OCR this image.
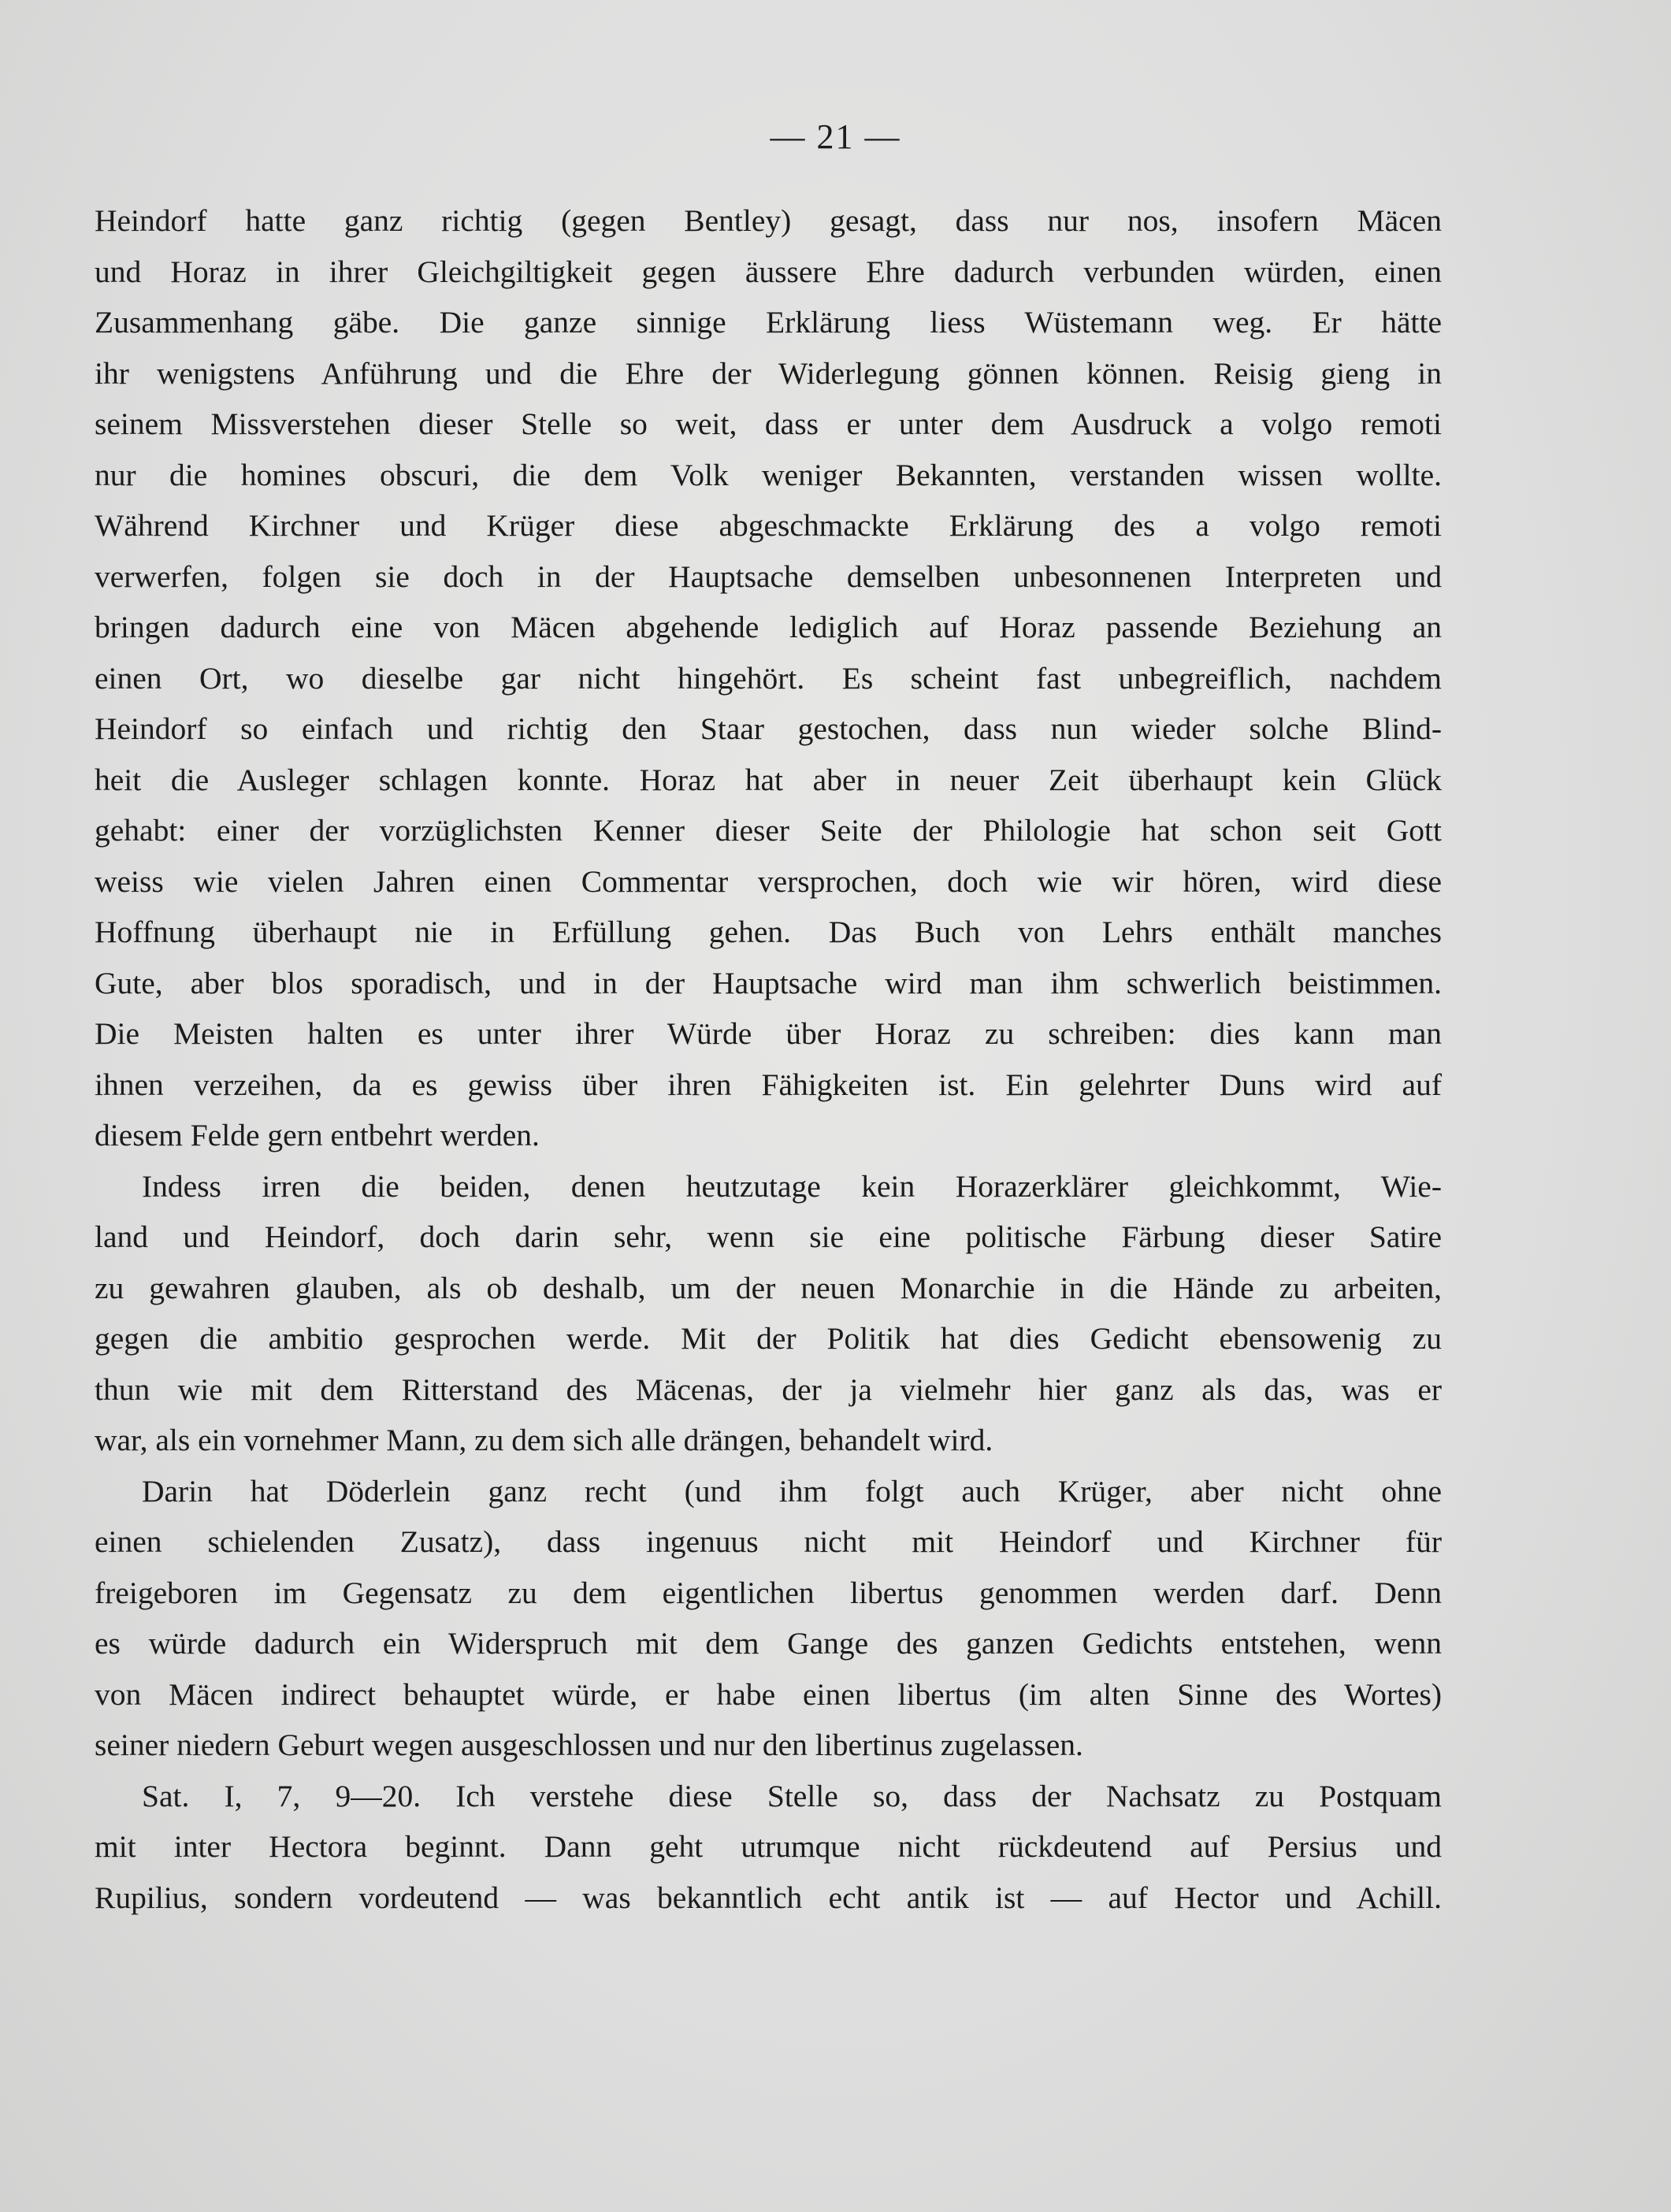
— 21 —
Heindorf hatte ganz richtig (gegen Bentley) gesagt, dass nur nos, insofern Mäcen
und Horaz in ihrer Gleichgiltigkeit gegen äussere Ehre dadurch verbunden würden, einen
Zusammenhang gäbe. Die ganze sinnige Erklärung liess Wüstemann weg. Er hätte
ihr wenigstens Anführung und die Ehre der Widerlegung gönnen können. Reisig gieng in
seinem Missverstehen dieser Stelle so weit, dass er unter dem Ausdruck a volgo remoti
nur die homines obscuri, die dem Volk weniger Bekannten, verstanden wissen wollte.
Während Kirchner und Krüger diese abgeschmackte Erklärung des a volgo remoti
verwerfen, folgen sie doch in der Hauptsache demselben unbesonnenen Interpreten und
bringen dadurch eine von Mäcen abgehende lediglich auf Horaz passende Beziehung an
einen Ort, wo dieselbe gar nicht hingehört. Es scheint fast unbegreiflich, nachdem
Heindorf so einfach und richtig den Staar gestochen, dass nun wieder solche Blind-
heit die Ausleger schlagen konnte. Horaz hat aber in neuer Zeit überhaupt kein Glück
gehabt: einer der vorzüglichsten Kenner dieser Seite der Philologie hat schon seit Gott
weiss wie vielen Jahren einen Commentar versprochen, doch wie wir hören, wird diese
Hoffnung überhaupt nie in Erfüllung gehen. Das Buch von Lehrs enthält manches
Gute, aber blos sporadisch, und in der Hauptsache wird man ihm schwerlich beistimmen.
Die Meisten halten es unter ihrer Würde über Horaz zu schreiben: dies kann man
ihnen verzeihen, da es gewiss über ihren Fähigkeiten ist. Ein gelehrter Duns wird auf
diesem Felde gern entbehrt werden.
Indess irren die beiden, denen heutzutage kein Horazerklärer gleichkommt, Wie-
land und Heindorf, doch darin sehr, wenn sie eine politische Färbung dieser Satire
zu gewahren glauben, als ob deshalb, um der neuen Monarchie in die Hände zu arbeiten,
gegen die ambitio gesprochen werde. Mit der Politik hat dies Gedicht ebensowenig zu
thun wie mit dem Ritterstand des Mäcenas, der ja vielmehr hier ganz als das, was er
war, als ein vornehmer Mann, zu dem sich alle drängen, behandelt wird.
Darin hat Döderlein ganz recht (und ihm folgt auch Krüger, aber nicht ohne
einen schielenden Zusatz), dass ingenuus nicht mit Heindorf und Kirchner für
freigeboren im Gegensatz zu dem eigentlichen libertus genommen werden darf. Denn
es würde dadurch ein Widerspruch mit dem Gange des ganzen Gedichts entstehen, wenn
von Mäcen indirect behauptet würde, er habe einen libertus (im alten Sinne des Wortes)
seiner niedern Geburt wegen ausgeschlossen und nur den libertinus zugelassen.
Sat. I, 7, 9—20. Ich verstehe diese Stelle so, dass der Nachsatz zu Postquam
mit inter Hectora beginnt. Dann geht utrumque nicht rückdeutend auf Persius und
Rupilius, sondern vordeutend — was bekanntlich echt antik ist — auf Hector und Achill.
